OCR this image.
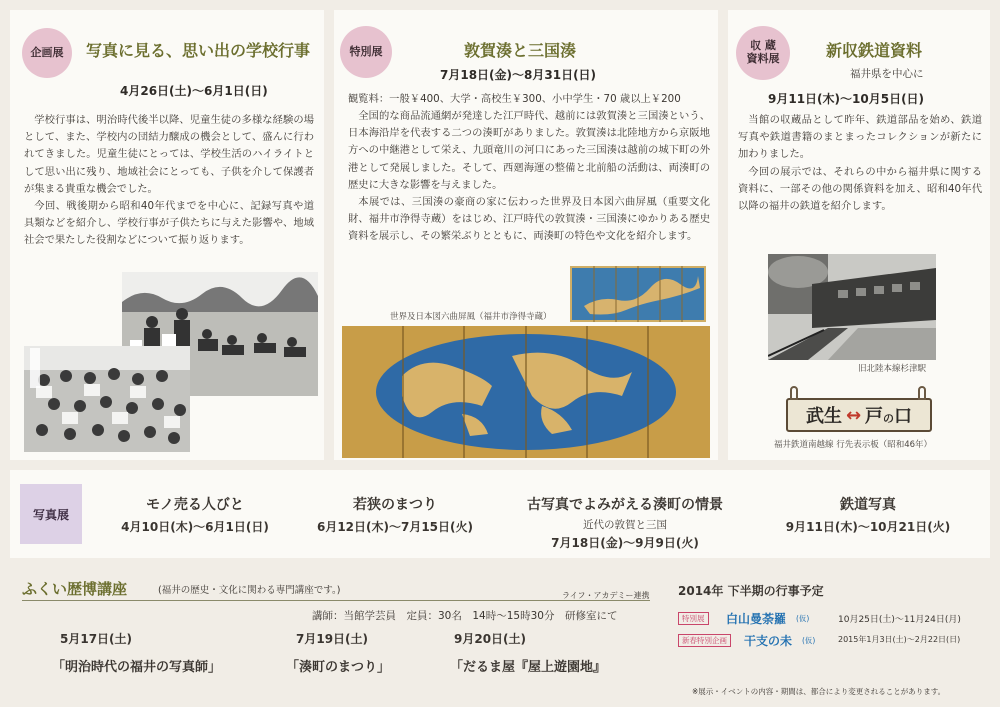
企画展	写真に見る、思い出の学校行事
4月26日(土)～6月1日(日)

学校行事は、明治時代後半以降、児童生徒の多様な経験の場として、また、学校内の団結力醸成の機会として、盛んに行われてきました。児童生徒にとっては、学校生活のハイライトとして思い出に残り、地域社会にとっても、子供を介して保護者が集まる貴重な機会でした。

今回、戦後期から昭和40年代までを中心に、記録写真や道具類などを紹介し、学校行事が子供たちに与えた影響や、地域社会で果たした役割などについて振り返ります。

特別展	敦賀湊と三国湊
7月18日(金)～8月31日(日)
観覧料：一般￥400、大学・高校生￥300、小中学生・70 歳以上￥200

全国的な商品流通網が発達した江戸時代、越前には敦賀湊と三国湊という、日本海沿岸を代表する二つの湊町がありました。敦賀湊は北陸地方から京阪地方への中継港として栄え、九頭竜川の河口にあった三国湊は越前の城下町の外港として発展しました。そして、西廻海運の整備と北前船の活動は、両湊町の歴史に大きな影響を与えました。

本展では、三国湊の豪商の家に伝わった世界及日本図六曲屏風（重要文化財、福井市浄得寺蔵）をはじめ、江戸時代の敦賀湊・三国湊にゆかりある歴史資料を展示し、その繁栄ぶりとともに、両湊町の特色や文化を紹介します。

世界及日本図六曲屏風（福井市浄得寺蔵）
収 蔵
資料展	新収鉄道資料
福井県を中心に
9月11日(木)～10月5日(日)

当館の収蔵品として昨年、鉄道部品を始め、鉄道写真や鉄道書籍のまとまったコレクションが新たに加わりました。

今回の展示では、それらの中から福井県に関する資料に、一部その他の関係資料を加え、昭和40年代以降の福井の鉄道を紹介します。

旧北陸本線杉津駅
武生 ↔ 戸の口
福井鉄道南越線 行先表示板（昭和46年）
写真展
モノ売る人びと
4月10日(木)～6月1日(日)
若狭のまつり
6月12日(木)～7月15日(火)
古写真でよみがえる湊町の情景
近代の敦賀と三国
7月18日(金)～9月9日(火)
鉄道写真
9月11日(木)～10月21日(火)
ふくい歴博講座	(福井の歴史・文化に関わる専門講座です。)	ライフ・アカデミー連携
講師：当館学芸員　定員：30名　14時～15時30分　研修室にて
5月17日(土)
「明治時代の福井の写真師」
7月19日(土)
「湊町のまつり」
9月20日(土)
「だるま屋『屋上遊園地』
2014年 下半期の行事予定
特別展	白山曼荼羅 (仮)	10月25日(土)～11月24日(月)
新春特別企画	干支の未 (仮)	2015年1月3日(土)～2月22日(日)
※展示・イベントの内容・期間は、都合により変更されることがあります。
